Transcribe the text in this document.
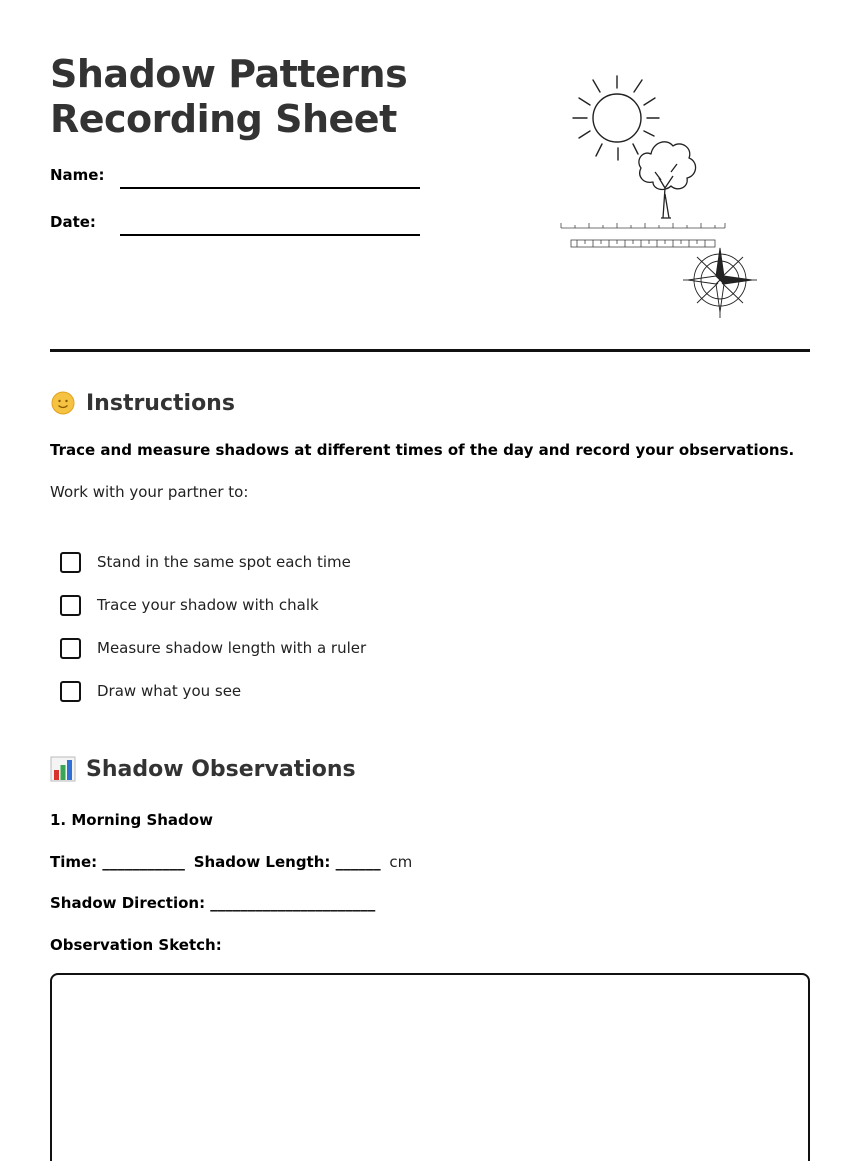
Shadow Patterns
Recording Sheet
Name:
Date:
Instructions
Trace and measure shadows at different times of the day and record your observations.
Work with your partner to:
Stand in the same spot each time
Trace your shadow with chalk
Measure shadow length with a ruler
Draw what you see
Shadow Observations
1. Morning Shadow
Time: ___________ Shadow Length: ______ cm
Shadow Direction: ______________________
Observation Sketch:
